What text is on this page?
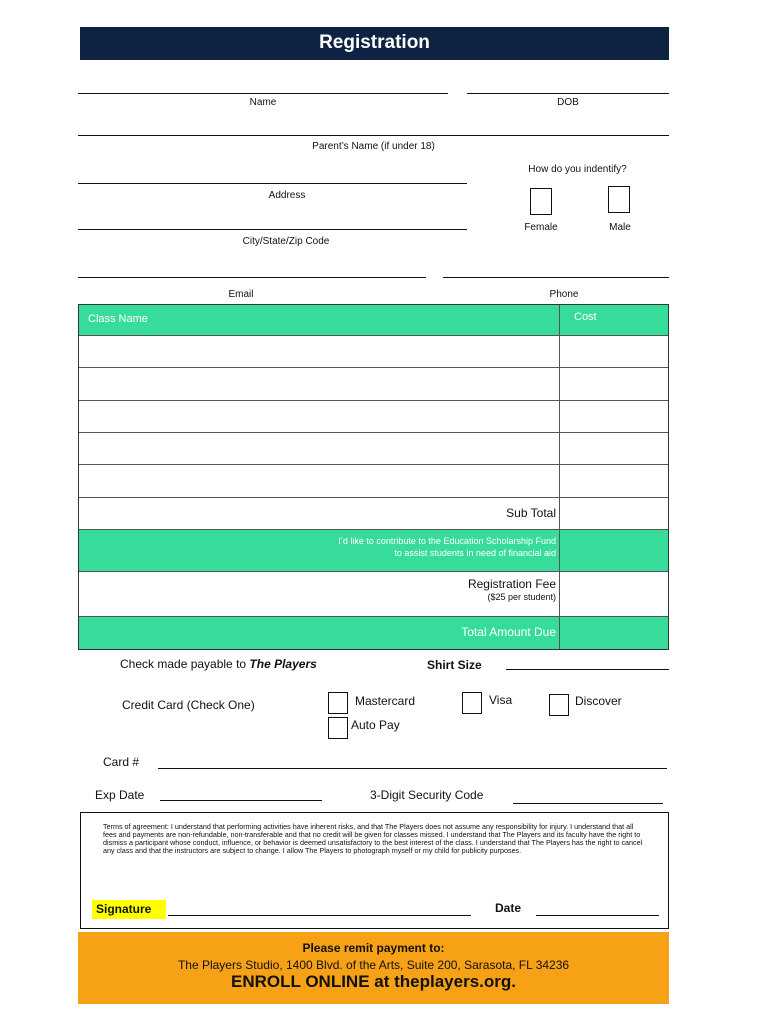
Registration
Name	DOB
Parent’s Name (if under 18)
How do you indentify?
Female	Male
Address
City/State/Zip Code
Email	Phone
Class Name	Cost
Sub Total
I’d like to contribute to the Education Scholarship Fund
to assist students in need of financial aid
Registration Fee
($25 per student)
Total Amount Due
Check made payable to The Players	Shirt Size
Credit Card (Check One)	Mastercard	Visa	Discover
Auto Pay
Card #
Exp Date	3-Digit Security Code
Terms of agreement: I understand that performing activities have inherent risks, and that The Players does not assume any responsibility for injury. I understand that all fees and payments are non-refundable, non-transferable and that no credit will be given for classes missed. I understand that The Players and its faculty have the right to dismiss a participant whose conduct, influence, or behavior is deemed unsatisfactory to the best interest of the class. I understand that The Players has the right to cancel any class and that the instructors are subject to change. I allow The Players to photograph myself or my child for publicity purposes.
Signature	Date
Please remit payment to:
The Players Studio, 1400 Blvd. of the Arts, Suite 200, Sarasota, FL 34236
ENROLL ONLINE at theplayers.org.
